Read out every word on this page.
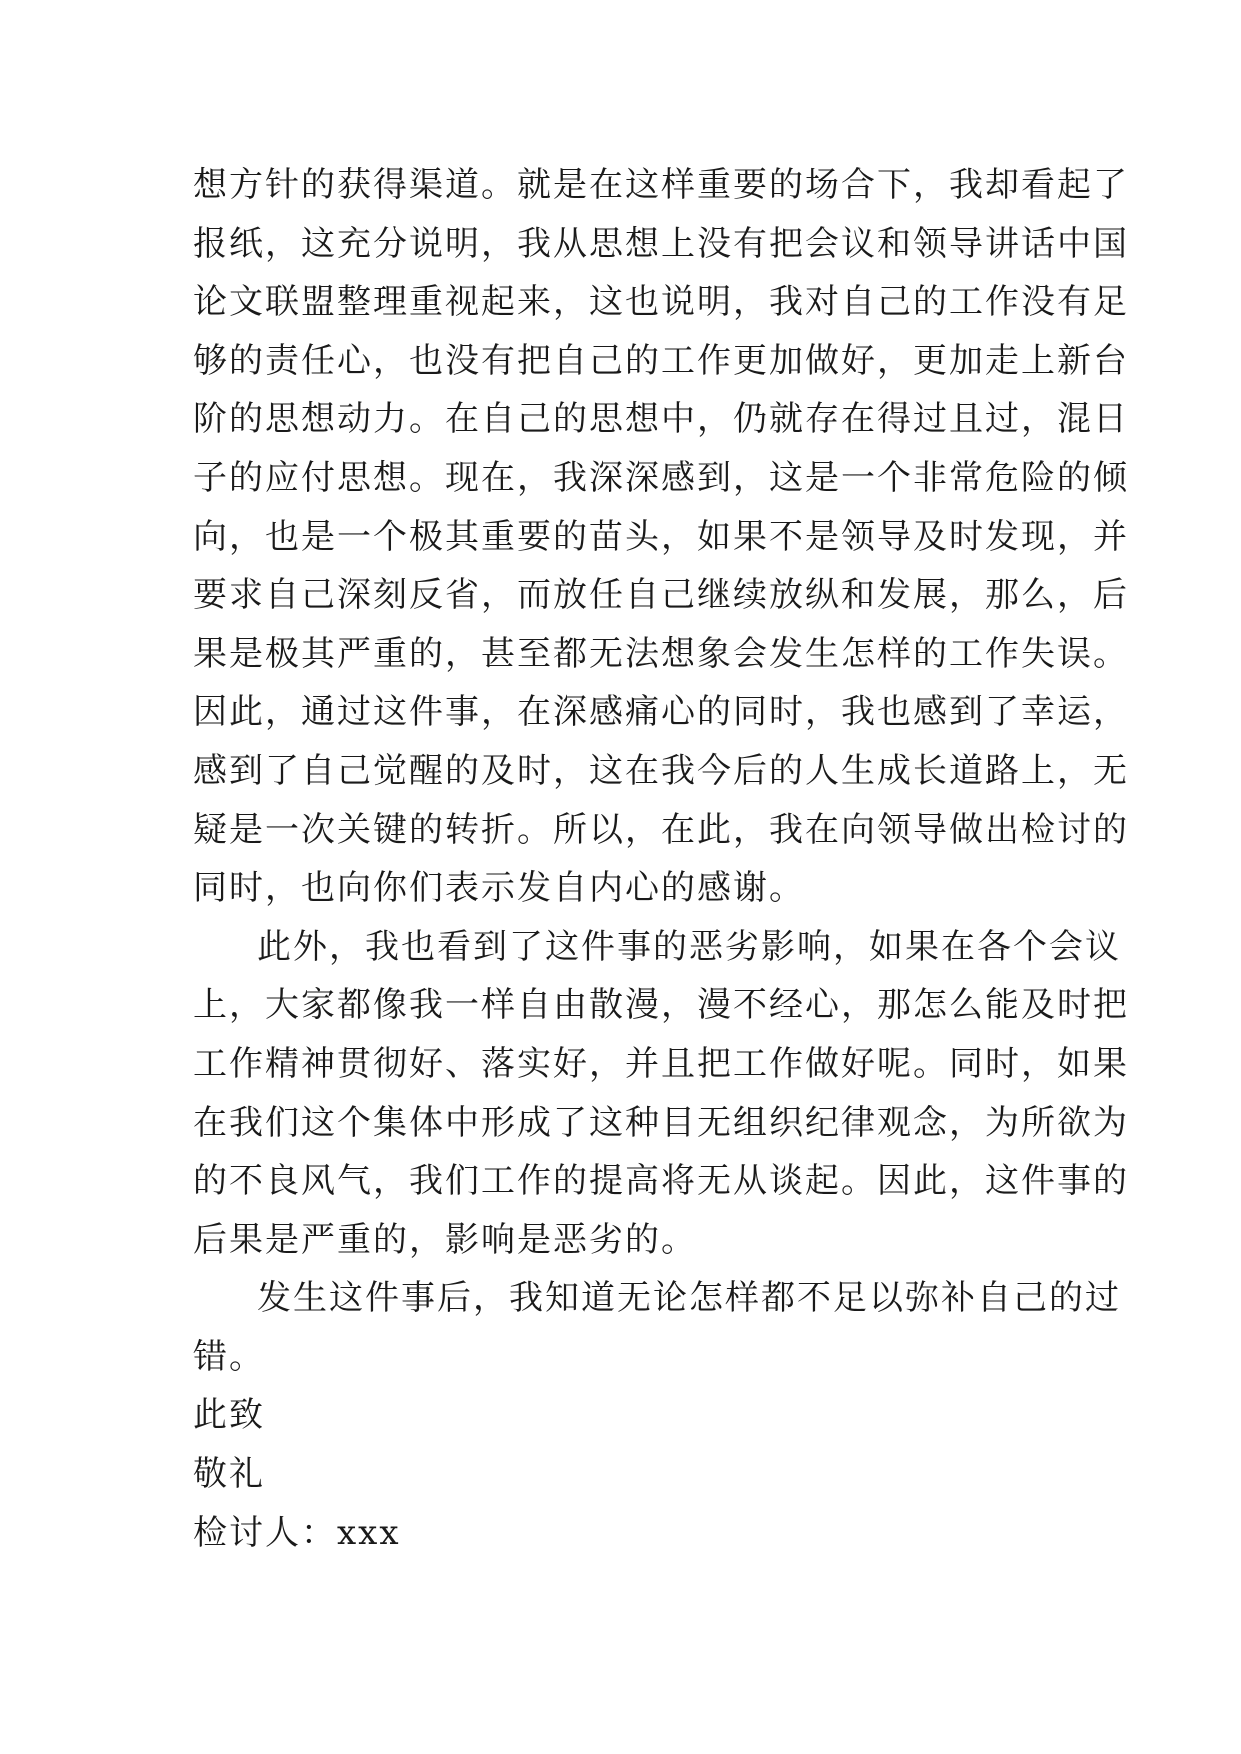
想方针的获得渠道。就是在这样重要的场合下，我却看起了
报纸，这充分说明，我从思想上没有把会议和领导讲话中国
论文联盟整理重视起来，这也说明，我对自己的工作没有足
够的责任心，也没有把自己的工作更加做好，更加走上新台
阶的思想动力。在自己的思想中，仍就存在得过且过，混日
子的应付思想。现在，我深深感到，这是一个非常危险的倾
向，也是一个极其重要的苗头，如果不是领导及时发现，并
要求自己深刻反省，而放任自己继续放纵和发展，那么，后
果是极其严重的，甚至都无法想象会发生怎样的工作失误。
因此，通过这件事，在深感痛心的同时，我也感到了幸运，
感到了自己觉醒的及时，这在我今后的人生成长道路上，无
疑是一次关键的转折。所以，在此，我在向领导做出检讨的
同时，也向你们表示发自内心的感谢。
此外，我也看到了这件事的恶劣影响，如果在各个会议
上，大家都像我一样自由散漫，漫不经心，那怎么能及时把
工作精神贯彻好、落实好，并且把工作做好呢。同时，如果
在我们这个集体中形成了这种目无组织纪律观念，为所欲为
的不良风气，我们工作的提高将无从谈起。因此，这件事的
后果是严重的，影响是恶劣的。
发生这件事后，我知道无论怎样都不足以弥补自己的过
错。
此致
敬礼
检讨人：xxx
